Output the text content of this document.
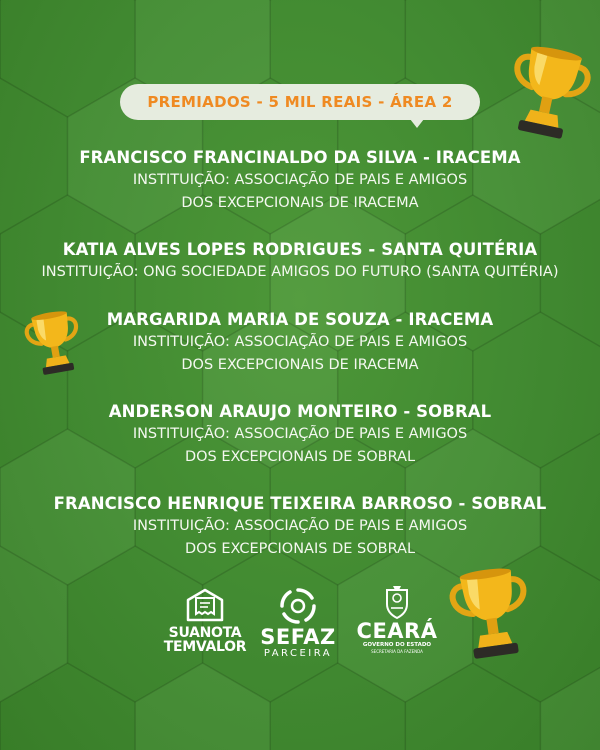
PREMIADOS - 5 MIL REAIS - ÁREA 2
FRANCISCO FRANCINALDO DA SILVA - IRACEMA
INSTITUIÇÃO: ASSOCIAÇÃO DE PAIS E AMIGOS
DOS EXCEPCIONAIS DE IRACEMA
KATIA ALVES LOPES RODRIGUES - SANTA QUITÉRIA
INSTITUIÇÃO: ONG SOCIEDADE AMIGOS DO FUTURO (SANTA QUITÉRIA)
MARGARIDA MARIA DE SOUZA - IRACEMA
INSTITUIÇÃO: ASSOCIAÇÃO DE PAIS E AMIGOS
DOS EXCEPCIONAIS DE IRACEMA
ANDERSON ARAUJO MONTEIRO - SOBRAL
INSTITUIÇÃO: ASSOCIAÇÃO DE PAIS E AMIGOS
DOS EXCEPCIONAIS DE SOBRAL
FRANCISCO HENRIQUE TEIXEIRA BARROSO - SOBRAL
INSTITUIÇÃO: ASSOCIAÇÃO DE PAIS E AMIGOS
DOS EXCEPCIONAIS DE SOBRAL
SUANOTA
TEMVALOR SEFAZ
PARCEIRA
CEARÁ
GOVERNO DO ESTADO
SECRETARIA DA FAZENDA
